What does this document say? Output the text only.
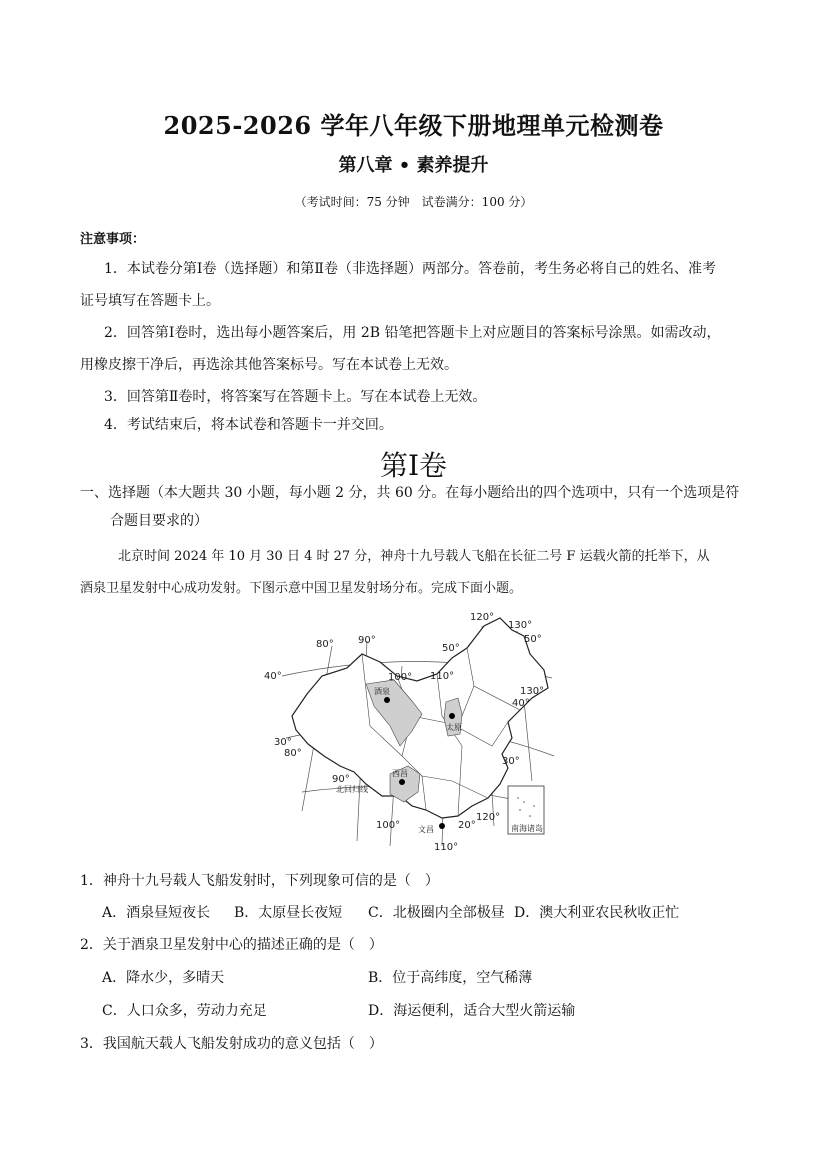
2025-2026 学年八年级下册地理单元检测卷
第八章 • 素养提升
（考试时间：75 分钟　试卷满分：100 分）
注意事项：
1．本试卷分第Ⅰ卷（选择题）和第Ⅱ卷（非选择题）两部分。答卷前，考生务必将自己的姓名、准考
证号填写在答题卡上。
2．回答第Ⅰ卷时，选出每小题答案后，用 2B 铅笔把答题卡上对应题目的答案标号涂黑。如需改动，
用橡皮擦干净后，再选涂其他答案标号。写在本试卷上无效。
3．回答第Ⅱ卷时，将答案写在答题卡上。写在本试卷上无效。
4．考试结束后，将本试卷和答题卡一并交回。
第Ⅰ卷
一、选择题（本大题共 30 小题，每小题 2 分，共 60 分。在每小题给出的四个选项中，只有一个选项是符
合题目要求的）
北京时间 2024 年 10 月 30 日 4 时 27 分，神舟十九号载人飞船在长征二号 F 运载火箭的托举下，从
酒泉卫星发射中心成功发射。下图示意中国卫星发射场分布。完成下面小题。
南海诸岛
酒泉
太原
西昌
文昌
北回归线
80° 90°
100° 110°
120°
130°
50°
50°
130°
40°
40°
30°
80°
90°
30°
120°
100°	20°
110°
1．神舟十九号载人飞船发射时，下列现象可信的是（　）
A．酒泉昼短夜长 B．太原昼长夜短 C．北极圈内全部极昼 D．澳大利亚农民秋收正忙
2．关于酒泉卫星发射中心的描述正确的是（　）
A．降水少，多晴天	B．位于高纬度，空气稀薄
C．人口众多，劳动力充足	D．海运便利，适合大型火箭运输
3．我国航天载人飞船发射成功的意义包括（　）
